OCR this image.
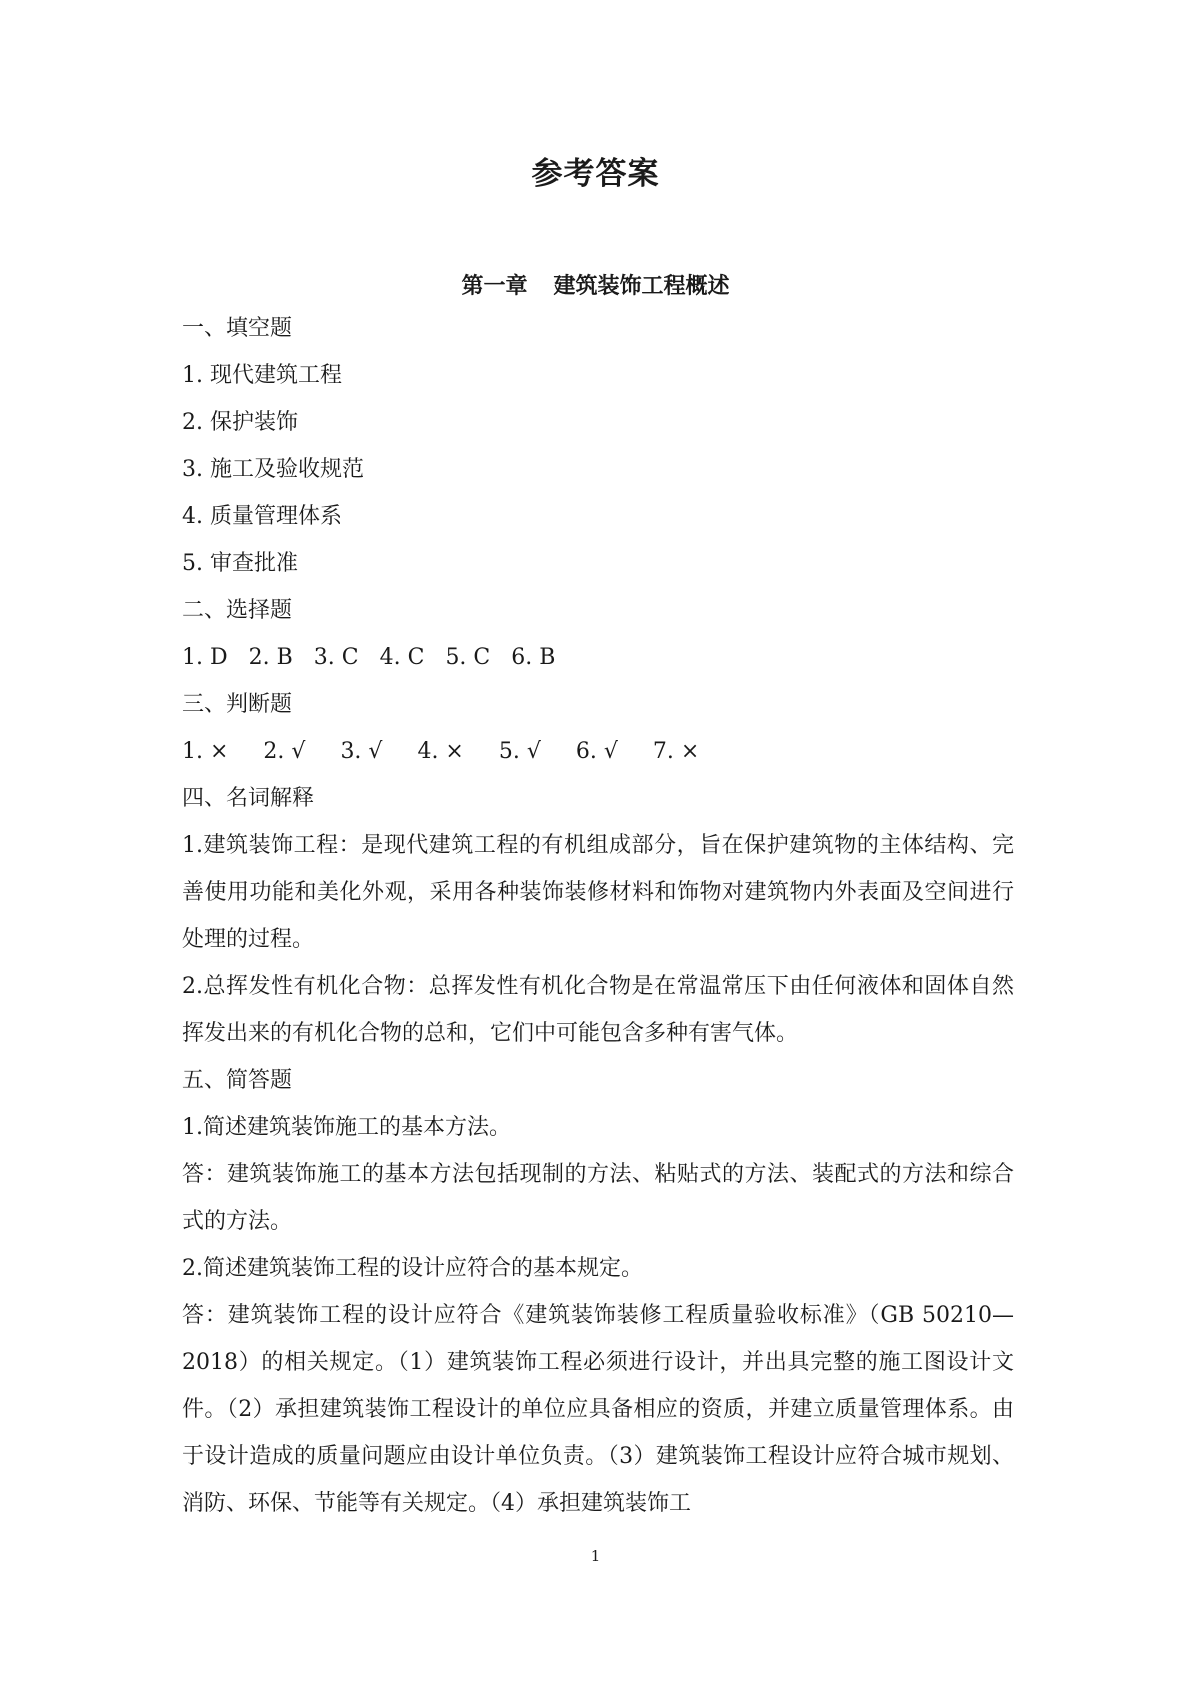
参考答案
第一章 建筑装饰工程概述
一、填空题
1. 现代建筑工程
2. 保护装饰
3. 施工及验收规范
4. 质量管理体系
5. 审查批准
二、选择题
1. D 2. B 3. C 4. C 5. C 6. B
三、判断题
1. × 2. √ 3. √ 4. × 5. √ 6. √ 7. ×
四、名词解释
1.建筑装饰工程：是现代建筑工程的有机组成部分，旨在保护建筑物的主体结构、完善使用功能和美化外观，采用各种装饰装修材料和饰物对建筑物内外表面及空间进行处理的过程。
2.总挥发性有机化合物：总挥发性有机化合物是在常温常压下由任何液体和固体自然挥发出来的有机化合物的总和，它们中可能包含多种有害气体。
五、简答题
1.简述建筑装饰施工的基本方法。
答：建筑装饰施工的基本方法包括现制的方法、粘贴式的方法、装配式的方法和综合式的方法。
2.简述建筑装饰工程的设计应符合的基本规定。
答：建筑装饰工程的设计应符合《建筑装饰装修工程质量验收标准》（GB 50210—2018）的相关规定。（1）建筑装饰工程必须进行设计，并出具完整的施工图设计文件。（2）承担建筑装饰工程设计的单位应具备相应的资质，并建立质量管理体系。由于设计造成的质量问题应由设计单位负责。（3）建筑装饰工程设计应符合城市规划、消防、环保、节能等有关规定。（4）承担建筑装饰工
1
